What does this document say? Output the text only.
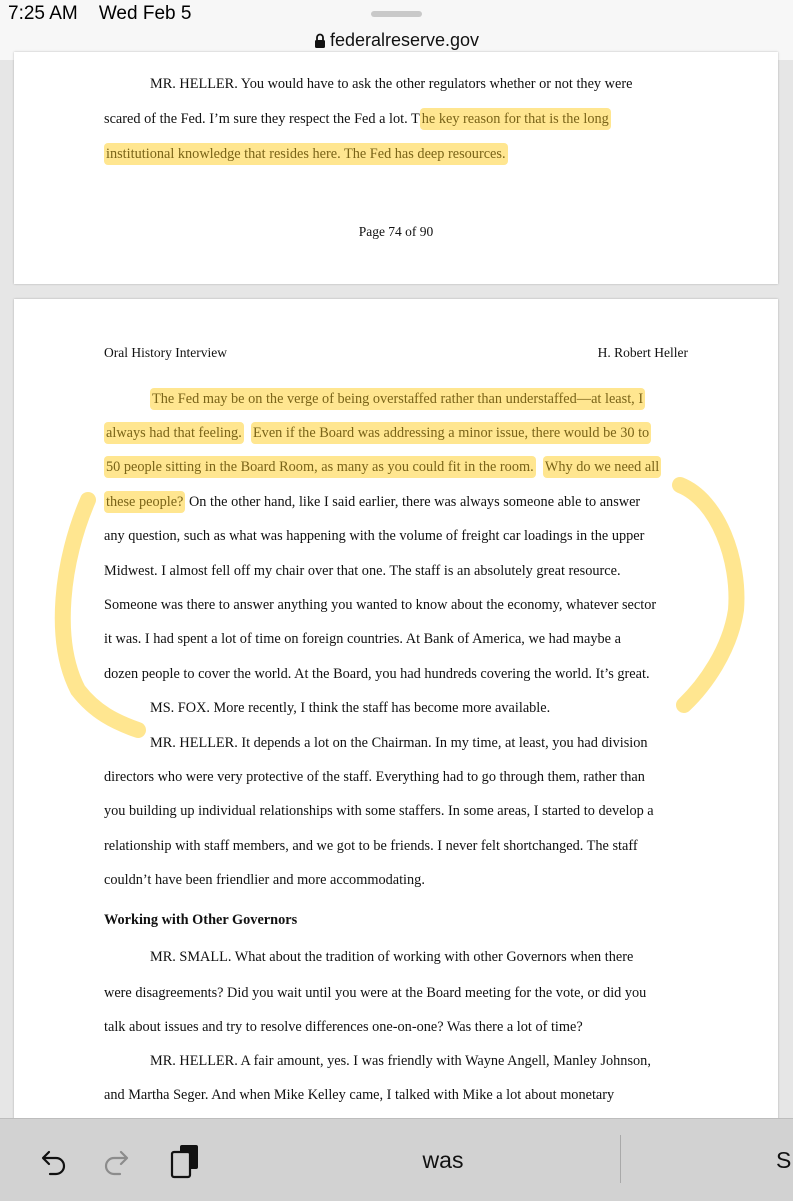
7:25 AM Wed Feb 5
federalreserve.gov
MR. HELLER. You would have to ask the other regulators whether or not they were
scared of the Fed. I’m sure they respect the Fed a lot. T he key reason for that is the long
institutional knowledge that resides here. The Fed has deep resources.
Page 74 of 90
Oral History Interview	H. Robert Heller
The Fed may be on the verge of being overstaffed rather than understaffed—at least, I
always had that feeling. Even if the Board was addressing a minor issue, there would be 30 to
50 people sitting in the Board Room, as many as you could fit in the room. Why do we need all
these people? On the other hand, like I said earlier, there was always someone able to answer
any question, such as what was happening with the volume of freight car loadings in the upper
Midwest. I almost fell off my chair over that one. The staff is an absolutely great resource.
Someone was there to answer anything you wanted to know about the economy, whatever sector
it was. I had spent a lot of time on foreign countries. At Bank of America, we had maybe a
dozen people to cover the world. At the Board, you had hundreds covering the world. It’s great.
MS. FOX. More recently, I think the staff has become more available.
MR. HELLER. It depends a lot on the Chairman. In my time, at least, you had division
directors who were very protective of the staff. Everything had to go through them, rather than
you building up individual relationships with some staffers. In some areas, I started to develop a
relationship with staff members, and we got to be friends. I never felt shortchanged. The staff
couldn’t have been friendlier and more accommodating.
Working with Other Governors
MR. SMALL. What about the tradition of working with other Governors when there
were disagreements? Did you wait until you were at the Board meeting for the vote, or did you
talk about issues and try to resolve differences one-on-one? Was there a lot of time?
MR. HELLER. A fair amount, yes. I was friendly with Wayne Angell, Manley Johnson,
and Martha Seger. And when Mike Kelley came, I talked with Mike a lot about monetary
was	S
